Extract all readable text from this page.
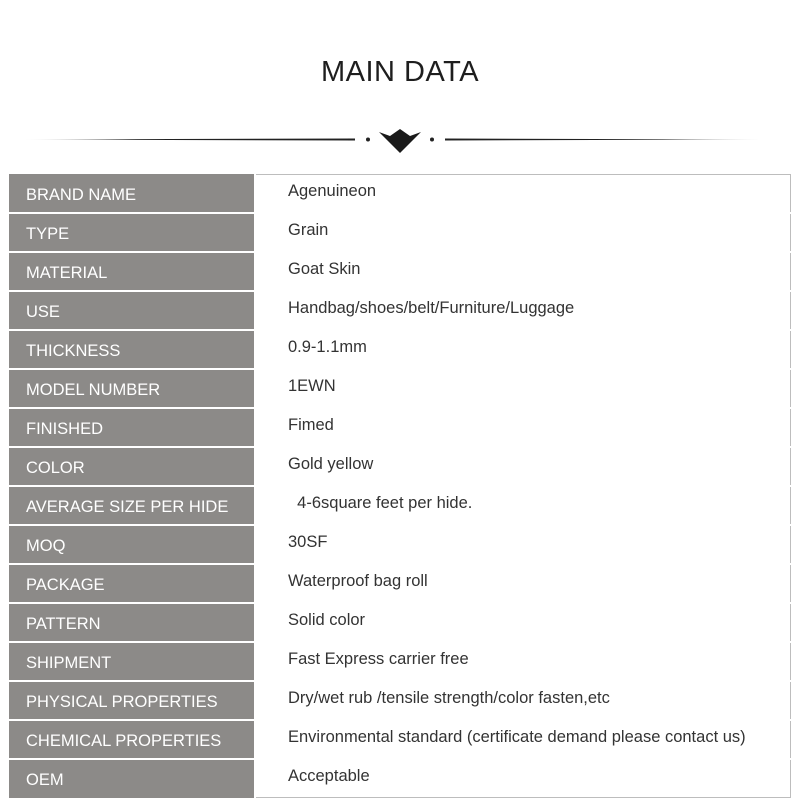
MAIN DATA
BRAND NAME	Agenuineon
TYPE	Grain
MATERIAL	Goat Skin
USE	Handbag/shoes/belt/Furniture/Luggage
THICKNESS	0.9-1.1mm
MODEL NUMBER	1EWN
FINISHED	Fimed
COLOR	Gold yellow
AVERAGE SIZE PER HIDE	4-6square feet per hide.
MOQ	30SF
PACKAGE	Waterproof bag roll
PATTERN	Solid color
SHIPMENT	Fast Express carrier free
PHYSICAL PROPERTIES	Dry/wet rub /tensile strength/color fasten,etc
CHEMICAL PROPERTIES	Environmental standard (certificate demand please contact us)
OEM	Acceptable
